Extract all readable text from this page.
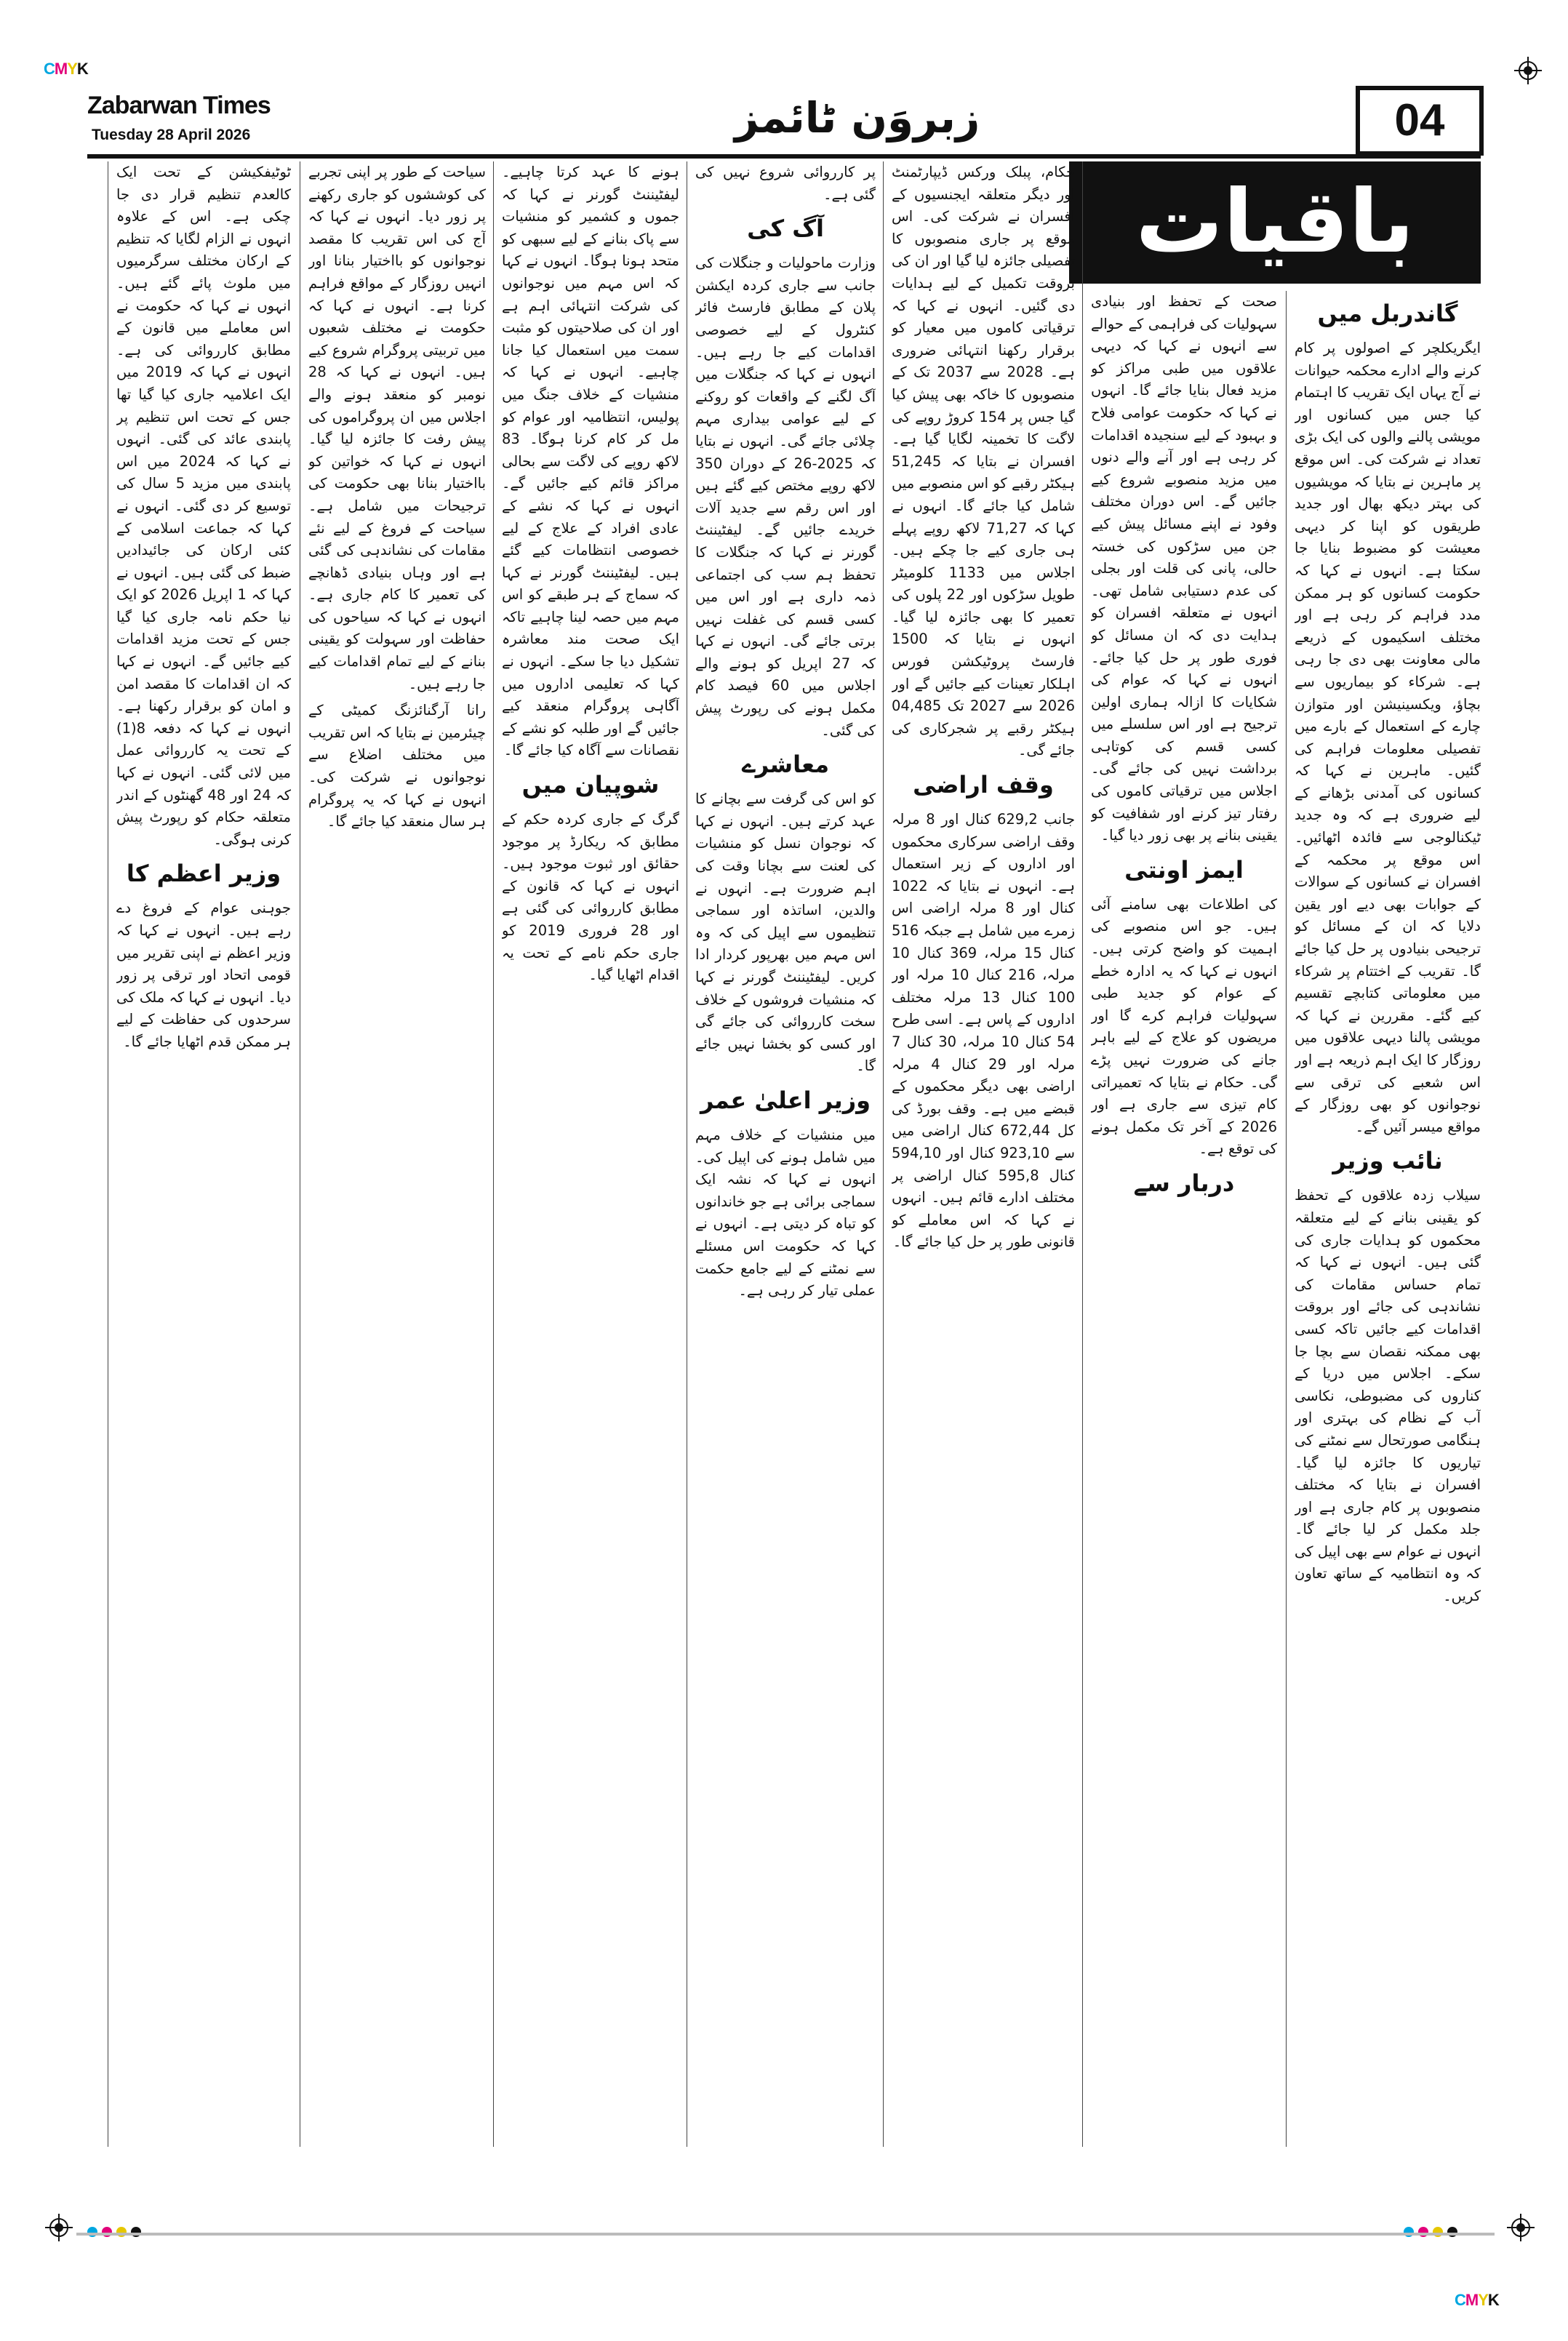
CMYK
CMYK
Zabarwan Times
Tuesday 28 April 2026	زبروَن ٹائمز	04
باقیات
گاندربل میں

ایگریکلچر کے اصولوں پر کام کرنے والے ادارے محکمہ حیوانات نے آج یہاں ایک تقریب کا اہتمام کیا جس میں کسانوں اور مویشی پالنے والوں کی ایک بڑی تعداد نے شرکت کی۔ اس موقع پر ماہرین نے بتایا کہ مویشیوں کی بہتر دیکھ بھال اور جدید طریقوں کو اپنا کر دیہی معیشت کو مضبوط بنایا جا سکتا ہے۔ انہوں نے کہا کہ حکومت کسانوں کو ہر ممکن مدد فراہم کر رہی ہے اور مختلف اسکیموں کے ذریعے مالی معاونت بھی دی جا رہی ہے۔ شرکاء کو بیماریوں سے بچاؤ، ویکسینیشن اور متوازن چارے کے استعمال کے بارے میں تفصیلی معلومات فراہم کی گئیں۔ ماہرین نے کہا کہ کسانوں کی آمدنی بڑھانے کے لیے ضروری ہے کہ وہ جدید ٹیکنالوجی سے فائدہ اٹھائیں۔ اس موقع پر محکمہ کے افسران نے کسانوں کے سوالات کے جوابات بھی دیے اور یقین دلایا کہ ان کے مسائل کو ترجیحی بنیادوں پر حل کیا جائے گا۔ تقریب کے اختتام پر شرکاء میں معلوماتی کتابچے تقسیم کیے گئے۔ مقررین نے کہا کہ مویشی پالنا دیہی علاقوں میں روزگار کا ایک اہم ذریعہ ہے اور اس شعبے کی ترقی سے نوجوانوں کو بھی روزگار کے مواقع میسر آئیں گے۔

نائب وزیر

سیلاب زدہ علاقوں کے تحفظ کو یقینی بنانے کے لیے متعلقہ محکموں کو ہدایات جاری کی گئی ہیں۔ انہوں نے کہا کہ تمام حساس مقامات کی نشاندہی کی جائے اور بروقت اقدامات کیے جائیں تاکہ کسی بھی ممکنہ نقصان سے بچا جا سکے۔ اجلاس میں دریا کے کناروں کی مضبوطی، نکاسی آب کے نظام کی بہتری اور ہنگامی صورتحال سے نمٹنے کی تیاریوں کا جائزہ لیا گیا۔ افسران نے بتایا کہ مختلف منصوبوں پر کام جاری ہے اور جلد مکمل کر لیا جائے گا۔ انہوں نے عوام سے بھی اپیل کی کہ وہ انتظامیہ کے ساتھ تعاون کریں۔

صحت کے تحفظ اور بنیادی سہولیات کی فراہمی کے حوالے سے انہوں نے کہا کہ دیہی علاقوں میں طبی مراکز کو مزید فعال بنایا جائے گا۔ انہوں نے کہا کہ حکومت عوامی فلاح و بہبود کے لیے سنجیدہ اقدامات کر رہی ہے اور آنے والے دنوں میں مزید منصوبے شروع کیے جائیں گے۔ اس دوران مختلف وفود نے اپنے مسائل پیش کیے جن میں سڑکوں کی خستہ حالی، پانی کی قلت اور بجلی کی عدم دستیابی شامل تھی۔ انہوں نے متعلقہ افسران کو ہدایت دی کہ ان مسائل کو فوری طور پر حل کیا جائے۔ انہوں نے کہا کہ عوام کی شکایات کا ازالہ ہماری اولین ترجیح ہے اور اس سلسلے میں کسی قسم کی کوتاہی برداشت نہیں کی جائے گی۔ اجلاس میں ترقیاتی کاموں کی رفتار تیز کرنے اور شفافیت کو یقینی بنانے پر بھی زور دیا گیا۔

ایمز اونتی

کی اطلاعات بھی سامنے آئی ہیں۔ جو اس منصوبے کی اہمیت کو واضح کرتی ہیں۔ انہوں نے کہا کہ یہ ادارہ خطے کے عوام کو جدید طبی سہولیات فراہم کرے گا اور مریضوں کو علاج کے لیے باہر جانے کی ضرورت نہیں پڑے گی۔ حکام نے بتایا کہ تعمیراتی کام تیزی سے جاری ہے اور 2026 کے آخر تک مکمل ہونے کی توقع ہے۔

دربار سے

حکام، پبلک ورکس ڈیپارٹمنٹ اور دیگر متعلقہ ایجنسیوں کے افسران نے شرکت کی۔ اس موقع پر جاری منصوبوں کا تفصیلی جائزہ لیا گیا اور ان کی بروقت تکمیل کے لیے ہدایات دی گئیں۔ انہوں نے کہا کہ ترقیاتی کاموں میں معیار کو برقرار رکھنا انتہائی ضروری ہے۔ 2028 سے 2037 تک کے منصوبوں کا خاکہ بھی پیش کیا گیا جس پر 154 کروڑ روپے کی لاگت کا تخمینہ لگایا گیا ہے۔ افسران نے بتایا کہ 51,245 ہیکٹر رقبے کو اس منصوبے میں شامل کیا جائے گا۔ انہوں نے کہا کہ 71,27 لاکھ روپے پہلے ہی جاری کیے جا چکے ہیں۔ اجلاس میں 1133 کلومیٹر طویل سڑکوں اور 22 پلوں کی تعمیر کا بھی جائزہ لیا گیا۔ انہوں نے بتایا کہ 1500 فارسٹ پروٹیکشن فورس اہلکار تعینات کیے جائیں گے اور 2026 سے 2027 تک 04,485 ہیکٹر رقبے پر شجرکاری کی جائے گی۔

وقف اراضی

جانب 629,2 کنال اور 8 مرلہ وقف اراضی سرکاری محکموں اور اداروں کے زیر استعمال ہے۔ انہوں نے بتایا کہ 1022 کنال اور 8 مرلہ اراضی اس زمرے میں شامل ہے جبکہ 516 کنال 15 مرلہ، 369 کنال 10 مرلہ، 216 کنال 10 مرلہ اور 100 کنال 13 مرلہ مختلف اداروں کے پاس ہے۔ اسی طرح 54 کنال 10 مرلہ، 30 کنال 7 مرلہ اور 29 کنال 4 مرلہ اراضی بھی دیگر محکموں کے قبضے میں ہے۔ وقف بورڈ کی کل 672,44 کنال اراضی میں سے 923,10 کنال اور 594,10 کنال 595,8 کنال اراضی پر مختلف ادارے قائم ہیں۔ انہوں نے کہا کہ اس معاملے کو قانونی طور پر حل کیا جائے گا۔

پر کارروائی شروع نہیں کی گئی ہے۔

آگ کی

وزارت ماحولیات و جنگلات کی جانب سے جاری کردہ ایکشن پلان کے مطابق فارسٹ فائر کنٹرول کے لیے خصوصی اقدامات کیے جا رہے ہیں۔ انہوں نے کہا کہ جنگلات میں آگ لگنے کے واقعات کو روکنے کے لیے عوامی بیداری مہم چلائی جائے گی۔ انہوں نے بتایا کہ 2025-26 کے دوران 350 لاکھ روپے مختص کیے گئے ہیں اور اس رقم سے جدید آلات خریدے جائیں گے۔ لیفٹیننٹ گورنر نے کہا کہ جنگلات کا تحفظ ہم سب کی اجتماعی ذمہ داری ہے اور اس میں کسی قسم کی غفلت نہیں برتی جائے گی۔ انہوں نے کہا کہ 27 اپریل کو ہونے والے اجلاس میں 60 فیصد کام مکمل ہونے کی رپورٹ پیش کی گئی۔

معاشرے

کو اس کی گرفت سے بچانے کا عہد کرتے ہیں۔ انہوں نے کہا کہ نوجوان نسل کو منشیات کی لعنت سے بچانا وقت کی اہم ضرورت ہے۔ انہوں نے والدین، اساتذہ اور سماجی تنظیموں سے اپیل کی کہ وہ اس مہم میں بھرپور کردار ادا کریں۔ لیفٹیننٹ گورنر نے کہا کہ منشیات فروشوں کے خلاف سخت کارروائی کی جائے گی اور کسی کو بخشا نہیں جائے گا۔

وزیر اعلیٰ عمر

میں منشیات کے خلاف مہم میں شامل ہونے کی اپیل کی۔ انہوں نے کہا کہ نشہ ایک سماجی برائی ہے جو خاندانوں کو تباہ کر دیتی ہے۔ انہوں نے کہا کہ حکومت اس مسئلے سے نمٹنے کے لیے جامع حکمت عملی تیار کر رہی ہے۔

ہونے کا عہد کرتا چاہیے۔ لیفٹیننٹ گورنر نے کہا کہ جموں و کشمیر کو منشیات سے پاک بنانے کے لیے سبھی کو متحد ہونا ہوگا۔ انہوں نے کہا کہ اس مہم میں نوجوانوں کی شرکت انتہائی اہم ہے اور ان کی صلاحیتوں کو مثبت سمت میں استعمال کیا جانا چاہیے۔ انہوں نے کہا کہ منشیات کے خلاف جنگ میں پولیس، انتظامیہ اور عوام کو مل کر کام کرنا ہوگا۔ 83 لاکھ روپے کی لاگت سے بحالی مراکز قائم کیے جائیں گے۔ انہوں نے کہا کہ نشے کے عادی افراد کے علاج کے لیے خصوصی انتظامات کیے گئے ہیں۔ لیفٹیننٹ گورنر نے کہا کہ سماج کے ہر طبقے کو اس مہم میں حصہ لینا چاہیے تاکہ ایک صحت مند معاشرہ تشکیل دیا جا سکے۔ انہوں نے کہا کہ تعلیمی اداروں میں آگاہی پروگرام منعقد کیے جائیں گے اور طلبہ کو نشے کے نقصانات سے آگاہ کیا جائے گا۔

شوپیان میں

گرگ کے جاری کردہ حکم کے مطابق کہ ریکارڈ پر موجود حقائق اور ثبوت موجود ہیں۔ انہوں نے کہا کہ قانون کے مطابق کارروائی کی گئی ہے اور 28 فروری 2019 کو جاری حکم نامے کے تحت یہ اقدام اٹھایا گیا۔

سیاحت کے طور پر اپنی تجربے کی کوششوں کو جاری رکھنے پر زور دیا۔ انہوں نے کہا کہ آج کی اس تقریب کا مقصد نوجوانوں کو بااختیار بنانا اور انہیں روزگار کے مواقع فراہم کرنا ہے۔ انہوں نے کہا کہ حکومت نے مختلف شعبوں میں تربیتی پروگرام شروع کیے ہیں۔ انہوں نے کہا کہ 28 نومبر کو منعقد ہونے والے اجلاس میں ان پروگراموں کی پیش رفت کا جائزہ لیا گیا۔ انہوں نے کہا کہ خواتین کو بااختیار بنانا بھی حکومت کی ترجیحات میں شامل ہے۔ سیاحت کے فروغ کے لیے نئے مقامات کی نشاندہی کی گئی ہے اور وہاں بنیادی ڈھانچے کی تعمیر کا کام جاری ہے۔ انہوں نے کہا کہ سیاحوں کی حفاظت اور سہولت کو یقینی بنانے کے لیے تمام اقدامات کیے جا رہے ہیں۔

رانا آرگنائزنگ کمیٹی کے چیئرمین نے بتایا کہ اس تقریب میں مختلف اضلاع سے نوجوانوں نے شرکت کی۔ انہوں نے کہا کہ یہ پروگرام ہر سال منعقد کیا جائے گا۔

ٹوٹیفکیشن کے تحت ایک کالعدم تنظیم قرار دی جا چکی ہے۔ اس کے علاوہ انہوں نے الزام لگایا کہ تنظیم کے ارکان مختلف سرگرمیوں میں ملوث پائے گئے ہیں۔ انہوں نے کہا کہ حکومت نے اس معاملے میں قانون کے مطابق کارروائی کی ہے۔ انہوں نے کہا کہ 2019 میں ایک اعلامیہ جاری کیا گیا تھا جس کے تحت اس تنظیم پر پابندی عائد کی گئی۔ انہوں نے کہا کہ 2024 میں اس پابندی میں مزید 5 سال کی توسیع کر دی گئی۔ انہوں نے کہا کہ جماعت اسلامی کے کئی ارکان کی جائیدادیں ضبط کی گئی ہیں۔ انہوں نے کہا کہ 1 اپریل 2026 کو ایک نیا حکم نامہ جاری کیا گیا جس کے تحت مزید اقدامات کیے جائیں گے۔ انہوں نے کہا کہ ان اقدامات کا مقصد امن و امان کو برقرار رکھنا ہے۔ انہوں نے کہا کہ دفعہ 8(1) کے تحت یہ کارروائی عمل میں لائی گئی۔ انہوں نے کہا کہ 24 اور 48 گھنٹوں کے اندر متعلقہ حکام کو رپورٹ پیش کرنی ہوگی۔

وزیر اعظم کا

جوہنی عوام کے فروغ دے رہے ہیں۔ انہوں نے کہا کہ وزیر اعظم نے اپنی تقریر میں قومی اتحاد اور ترقی پر زور دیا۔ انہوں نے کہا کہ ملک کی سرحدوں کی حفاظت کے لیے ہر ممکن قدم اٹھایا جائے گا۔
